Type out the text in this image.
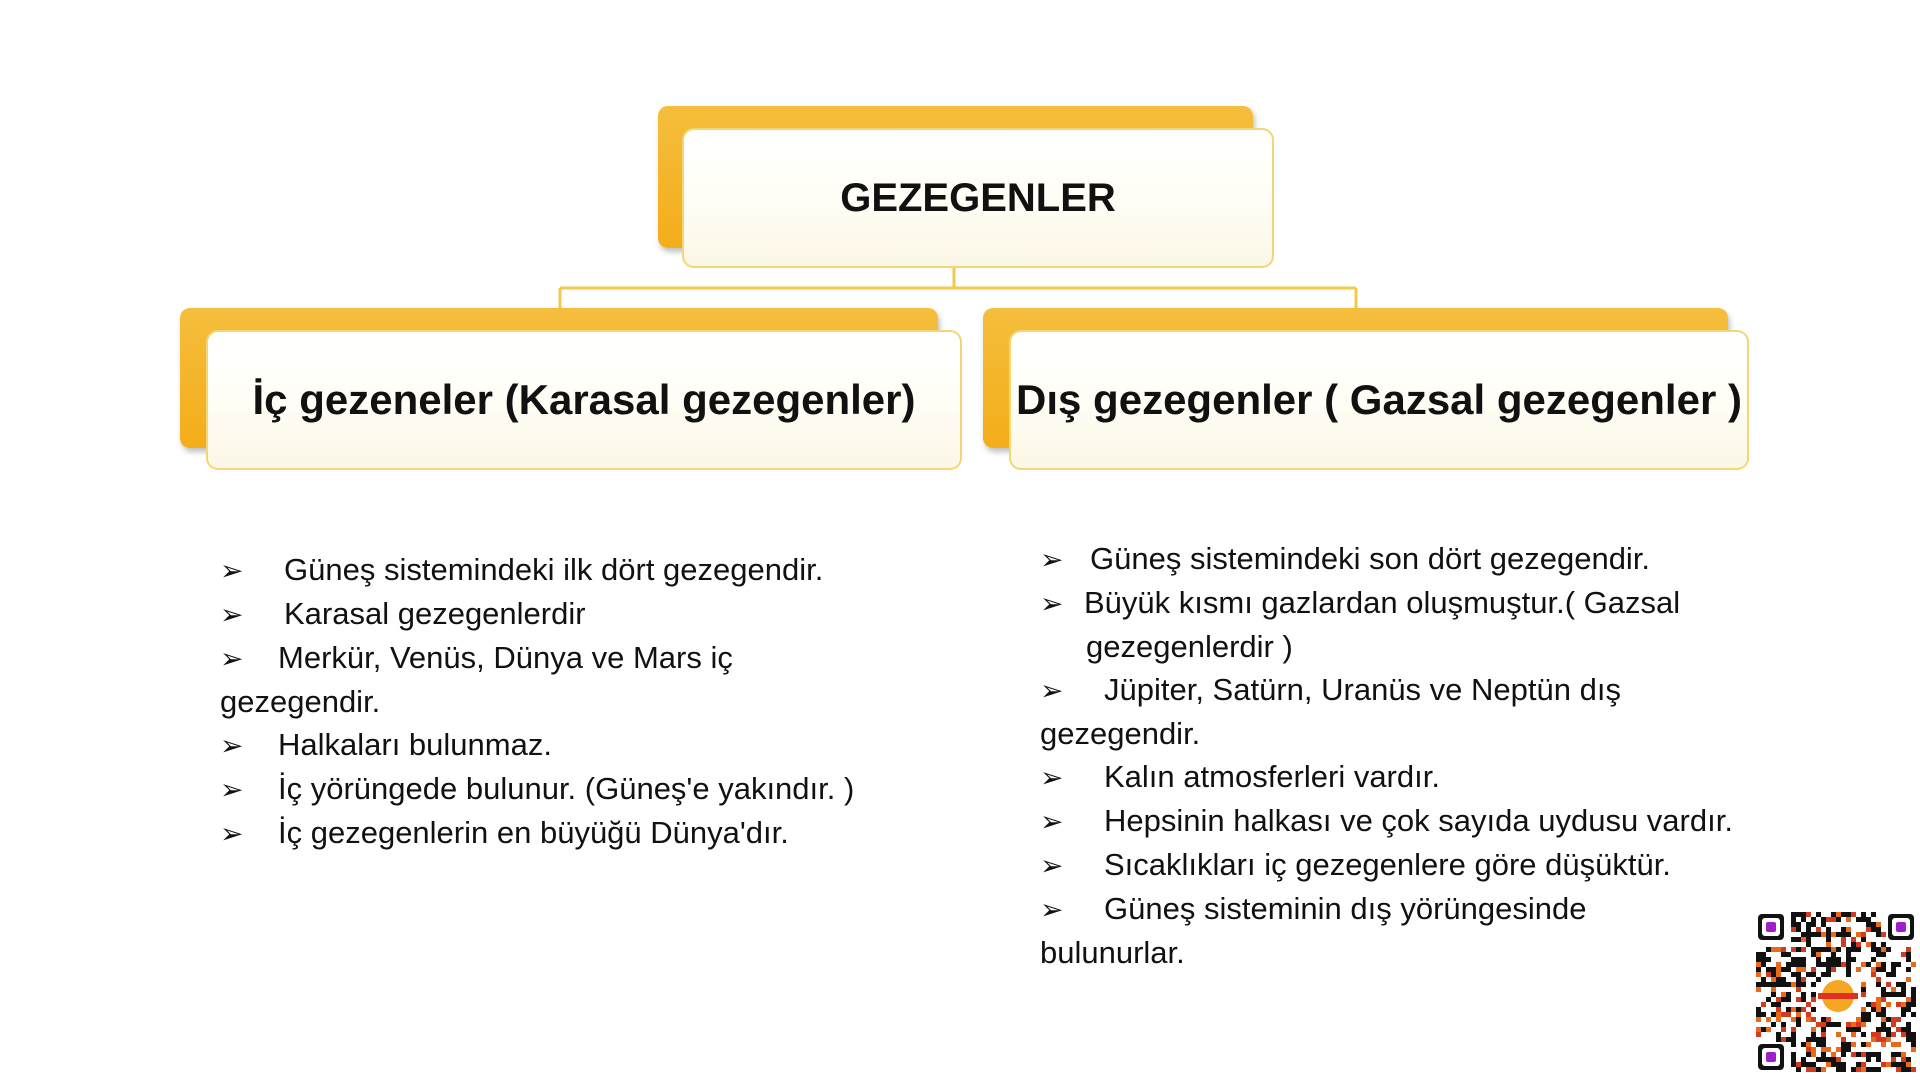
GEZEGENLER
İç gezeneler (Karasal gezegenler)	Dış gezegenler ( Gazsal gezegenler )
➢ Güneş sistemindeki ilk dört gezegendir.
➢ Karasal gezegenlerdir
➢ Merkür, Venüs, Dünya ve Mars iç
gezegendir.
➢ Halkaları bulunmaz.
➢ İç yörüngede bulunur. (Güneş'e yakındır. )
➢ İç gezegenlerin en büyüğü Dünya'dır.
➢ Güneş sistemindeki son dört gezegendir.
➢ Büyük kısmı gazlardan oluşmuştur.( Gazsal
gezegenlerdir )
➢ Jüpiter, Satürn, Uranüs ve Neptün dış
gezegendir.
➢ Kalın atmosferleri vardır.
➢ Hepsinin halkası ve çok sayıda uydusu vardır.
➢ Sıcaklıkları iç gezegenlere göre düşüktür.
➢ Güneş sisteminin dış yörüngesinde
bulunurlar.
